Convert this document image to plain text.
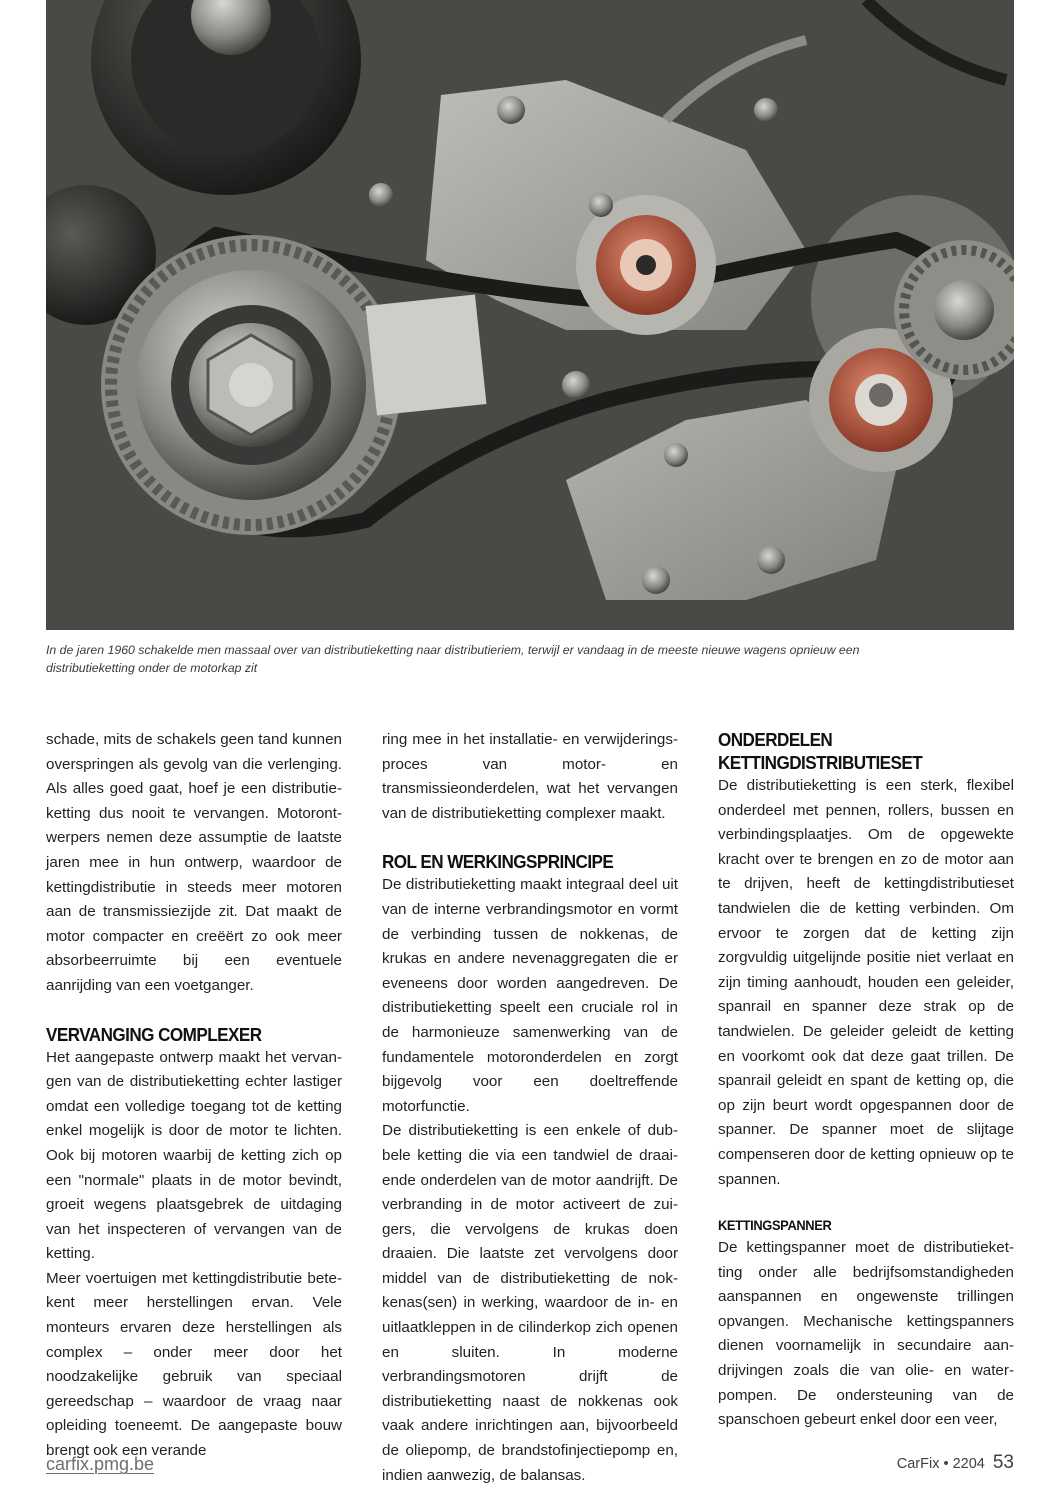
In de jaren 1960 schakelde men massaal over van distributieketting naar distributieriem, terwijl er vandaag in de meeste nieuwe wagens opnieuw een distributieketting onder de motorkap zit

schade, mits de schakels geen tand kunnen overspringen als gevolg van die verlenging. Als alles goed gaat, hoef je een distributieketting dus nooit te vervangen. Motorontwerpers nemen deze assumptie de laatste jaren mee in hun ontwerp, waardoor de kettingdistributie in steeds meer motoren aan de transmissiezijde zit. Dat maakt de motor compacter en creëërt zo ook meer absorbeerruimte bij een eventuele aanrijding van een voetganger.

VERVANGING COMPLEXER

Het aangepaste ontwerp maakt het vervangen van de distributieketting echter lastiger omdat een volledige toegang tot de ketting enkel mogelijk is door de motor te lichten. Ook bij motoren waarbij de ketting zich op een "normale" plaats in de motor bevindt, groeit wegens plaatsgebrek de uitdaging van het inspecteren of vervangen van de ketting.

Meer voertuigen met kettingdistributie betekent meer herstellingen ervan. Vele monteurs ervaren deze herstellingen als complex – onder meer door het noodzakelijke gebruik van speciaal gereedschap – waardoor de vraag naar opleiding toeneemt. De aangepaste bouw brengt ook een verande

ring mee in het installatie- en verwijderingsproces van motor- en transmissieonderdelen, wat het vervangen van de distributieketting complexer maakt.

ROL EN WERKINGSPRINCIPE

De distributieketting maakt integraal deel uit van de interne verbrandingsmotor en vormt de verbinding tussen de nokkenas, de krukas en andere nevenaggregaten die er eveneens door worden aangedreven. De distributieketting speelt een cruciale rol in de harmonieuze samenwerking van de fundamentele motoronderdelen en zorgt bijgevolg voor een doeltreffende motorfunctie.

De distributieketting is een enkele of dubbele ketting die via een tandwiel de draaiende onderdelen van de motor aandrijft. De verbranding in de motor activeert de zuigers, die vervolgens de krukas doen draaien. Die laatste zet vervolgens door middel van de distributieketting de nokkenas(sen) in werking, waardoor de in- en uitlaatkleppen in de cilinderkop zich openen en sluiten. In moderne verbrandingsmotoren drijft de distributieketting naast de nokkenas ook vaak andere inrichtingen aan, bijvoorbeeld de oliepomp, de brandstofinjectiepomp en, indien aanwezig, de balansas.

ONDERDELEN KETTINGDISTRIBUTIESET

De distributieketting is een sterk, flexibel onderdeel met pennen, rollers, bussen en verbindingsplaatjes. Om de opgewekte kracht over te brengen en zo de motor aan te drijven, heeft de kettingdistributieset tandwielen die de ketting verbinden. Om ervoor te zorgen dat de ketting zijn zorgvuldig uitgelijnde positie niet verlaat en zijn timing aanhoudt, houden een geleider, spanrail en spanner deze strak op de tandwielen. De geleider geleidt de ketting en voorkomt ook dat deze gaat trillen. De spanrail geleidt en spant de ketting op, die op zijn beurt wordt opgespannen door de spanner. De spanner moet de slijtage compenseren door de ketting opnieuw op te spannen.

KETTINGSPANNER

De kettingspanner moet de distributieketting onder alle bedrijfsomstandigheden aanspannen en ongewenste trillingen opvangen. Mechanische kettingspanners dienen voornamelijk in secundaire aandrijvingen zoals die van olie- en waterpompen. De ondersteuning van de spanschoen gebeurt enkel door een veer,

carfix.pmg.be	CarFix • 2204 53
